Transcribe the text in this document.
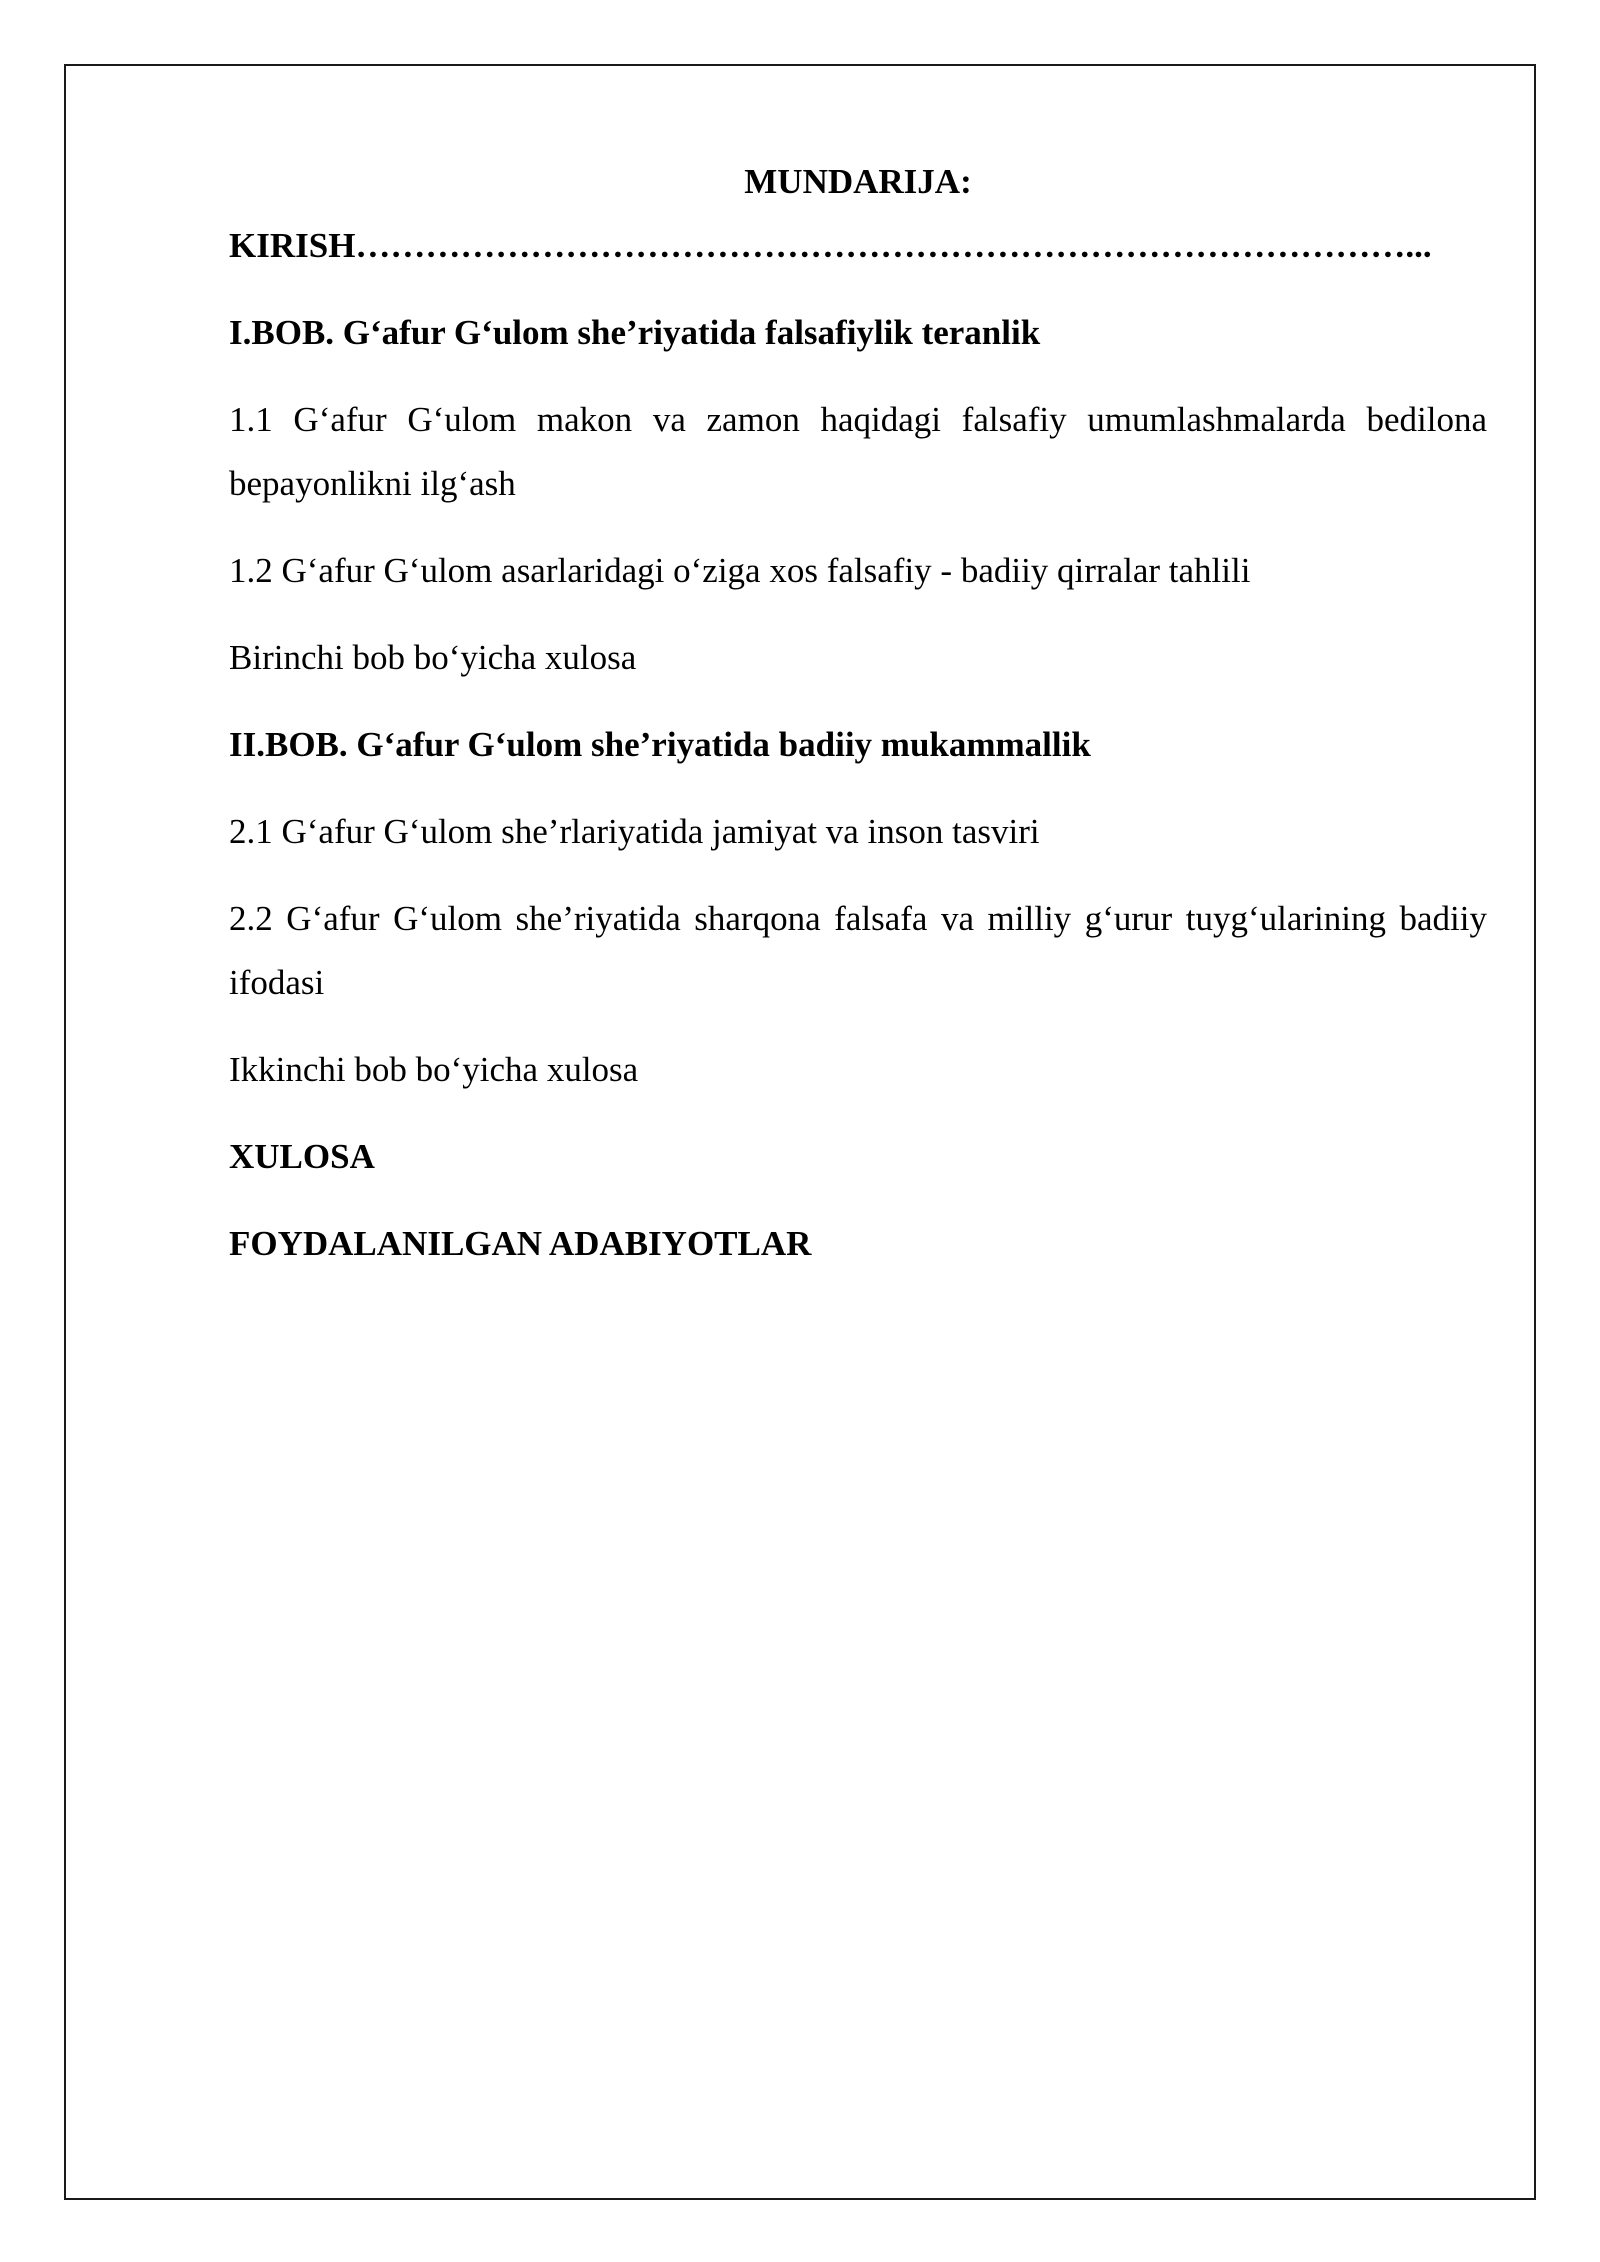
MUNDARIJA:
KIRISH………………………………………………………………………………...
I.BOB. G‘afur G‘ulom she’riyatida falsafiylik teranlik
1.1 G‘afur G‘ulom makon va zamon haqidagi falsafiy umumlashmalarda bedilona bepayonlikni ilg‘ash
1.2 G‘afur G‘ulom asarlaridagi o‘ziga xos falsafiy - badiiy qirralar tahlili
Birinchi bob bo‘yicha xulosa
II.BOB. G‘afur G‘ulom she’riyatida badiiy mukammallik
2.1 G‘afur G‘ulom she’rlariyatida jamiyat va inson tasviri
2.2 G‘afur G‘ulom she’riyatida sharqona falsafa va milliy g‘urur tuyg‘ularining badiiy ifodasi
Ikkinchi bob bo‘yicha xulosa
XULOSA
FOYDALANILGAN ADABIYOTLAR
